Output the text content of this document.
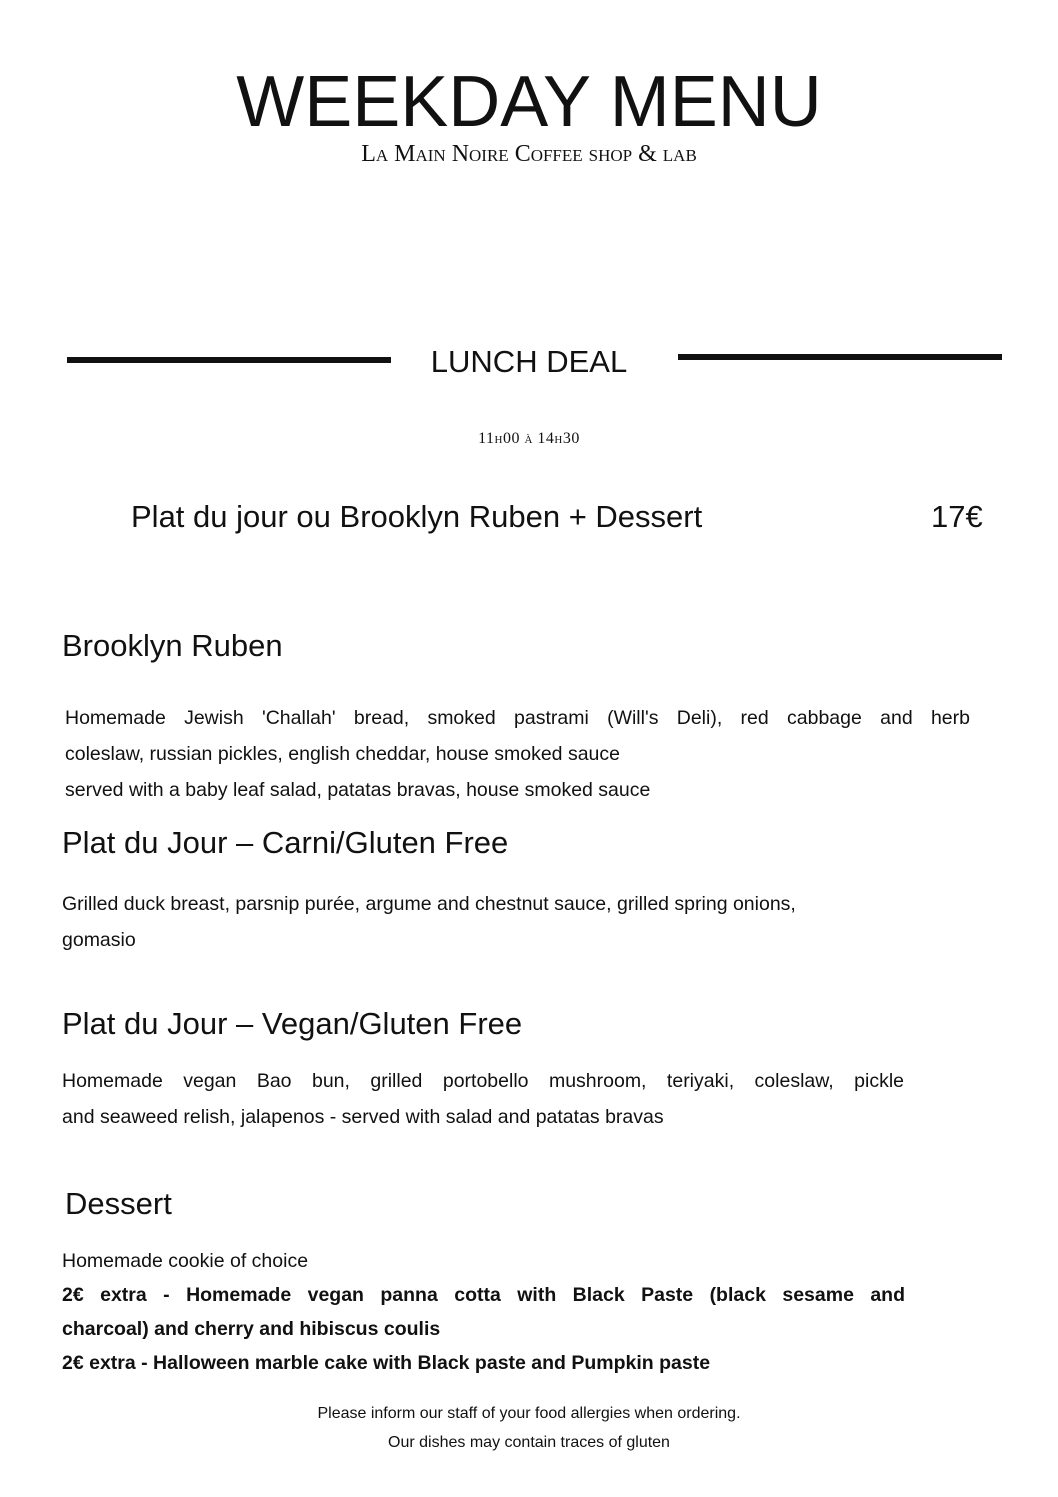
WEEKDAY MENU
La Main Noire Coffee shop & lab
LUNCH DEAL
11h00 à 14h30
Plat du jour ou Brooklyn Ruben + Dessert	17€
Brooklyn Ruben
Homemade Jewish 'Challah' bread, smoked pastrami (Will's Deli), red cabbage and herb
coleslaw, russian pickles, english cheddar, house smoked sauce
served with a baby leaf salad, patatas bravas, house smoked sauce
Plat du Jour – Carni/Gluten Free
Grilled duck breast, parsnip purée, argume and chestnut sauce, grilled spring onions,
gomasio
Plat du Jour – Vegan/Gluten Free
Homemade vegan Bao bun, grilled portobello mushroom, teriyaki, coleslaw, pickle
and seaweed relish, jalapenos - served with salad and patatas bravas
Dessert
Homemade cookie of choice
2€ extra - Homemade vegan panna cotta with Black Paste (black sesame and
charcoal) and cherry and hibiscus coulis
2€ extra - Halloween marble cake with Black paste and Pumpkin paste
Please inform our staff of your food allergies when ordering.
Our dishes may contain traces of gluten
